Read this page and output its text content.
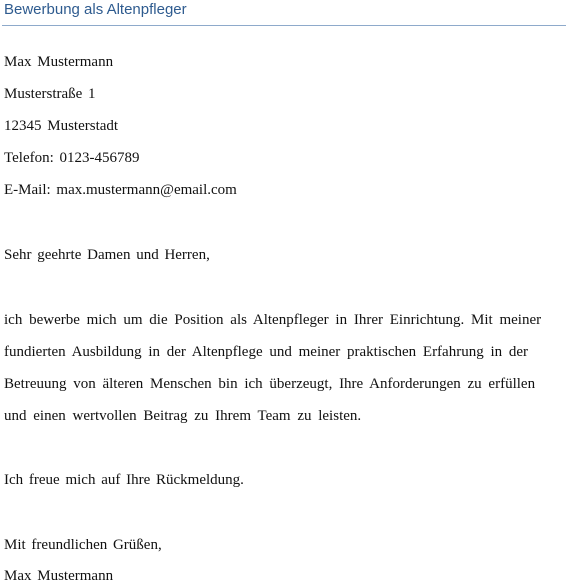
Bewerbung als Altenpfleger

Max Mustermann

Musterstraße 1

12345 Musterstadt

Telefon: 0123-456789

E-Mail: max.mustermann@email.com

Sehr geehrte Damen und Herren,

ich bewerbe mich um die Position als Altenpfleger in Ihrer Einrichtung. Mit meiner

fundierten Ausbildung in der Altenpflege und meiner praktischen Erfahrung in der

Betreuung von älteren Menschen bin ich überzeugt, Ihre Anforderungen zu erfüllen

und einen wertvollen Beitrag zu Ihrem Team zu leisten.

Ich freue mich auf Ihre Rückmeldung.

Mit freundlichen Grüßen,

Max Mustermann
